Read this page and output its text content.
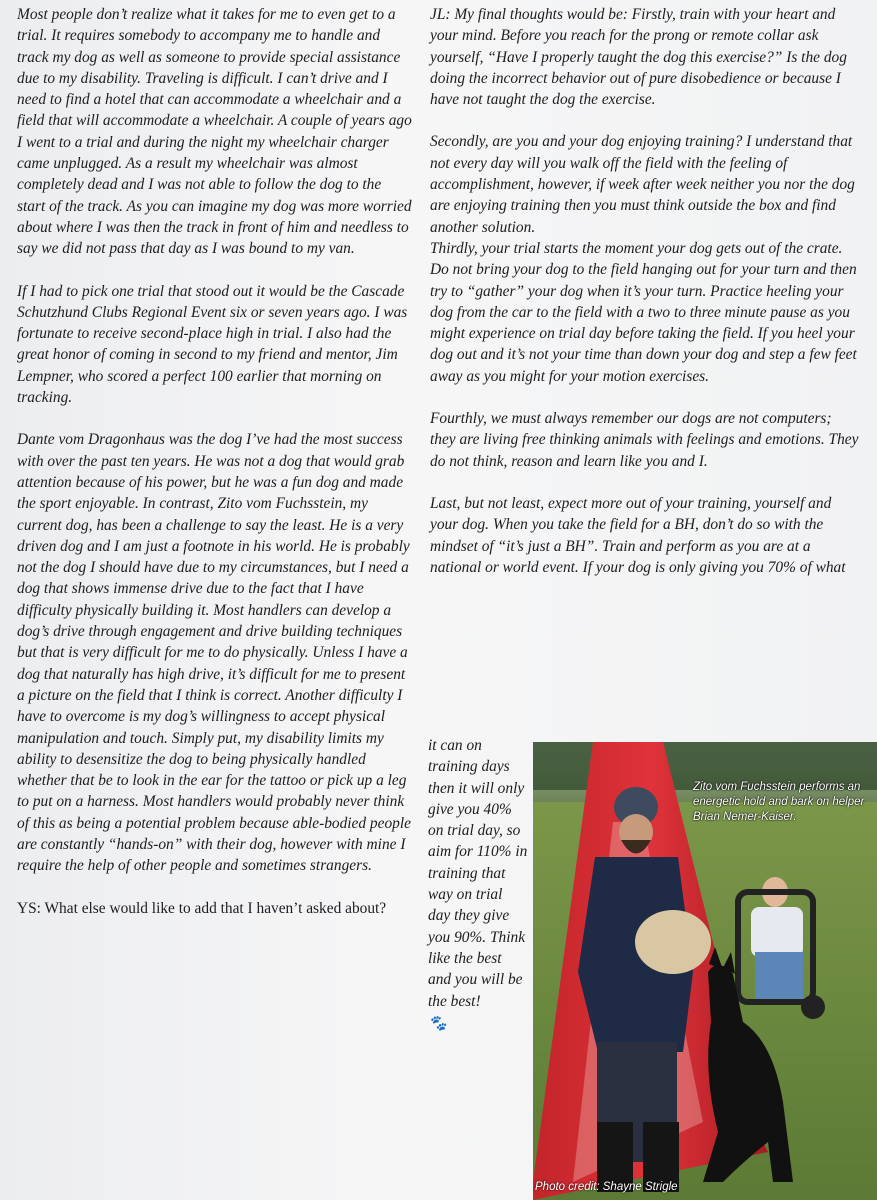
Most people don’t realize what it takes for me to even get to a trial. It requires somebody to accompany me to handle and track my dog as well as someone to provide special assistance due to my disability. Traveling is difficult. I can’t drive and I need to find a hotel that can accommodate a wheelchair and a field that will accommodate a wheelchair. A couple of years ago I went to a trial and during the night my wheelchair charger came unplugged. As a result my wheelchair was almost completely dead and I was not able to follow the dog to the start of the track. As you can imagine my dog was more worried about where I was then the track in front of him and needless to say we did not pass that day as I was bound to my van.

If I had to pick one trial that stood out it would be the Cascade Schutzhund Clubs Regional Event six or seven years ago. I was fortunate to receive second-place high in trial. I also had the great honor of coming in second to my friend and mentor, Jim Lempner, who scored a perfect 100 earlier that morning on tracking.

Dante vom Dragonhaus was the dog I’ve had the most success with over the past ten years. He was not a dog that would grab attention because of his power, but he was a fun dog and made the sport enjoyable. In contrast, Zito vom Fuchsstein, my current dog, has been a challenge to say the least. He is a very driven dog and I am just a footnote in his world. He is probably not the dog I should have due to my circumstances, but I need a dog that shows immense drive due to the fact that I have difficulty physically building it. Most handlers can develop a dog’s drive through engagement and drive building techniques but that is very difficult for me to do physically. Unless I have a dog that naturally has high drive, it’s difficult for me to present a picture on the field that I think is correct. Another difficulty I have to overcome is my dog’s willingness to accept physical manipulation and touch. Simply put, my disability limits my ability to desensitize the dog to being physically handled whether that be to look in the ear for the tattoo or pick up a leg to put on a harness. Most handlers would probably never think of this as being a potential problem because able-bodied people are constantly “hands-on” with their dog, however with mine I require the help of other people and sometimes strangers.

YS: What else would like to add that I haven’t asked about?

JL: My final thoughts would be: Firstly, train with your heart and your mind. Before you reach for the prong or remote collar ask yourself, “Have I properly taught the dog this exercise?” Is the dog doing the incorrect behavior out of pure disobedience or because I have not taught the dog the exercise.

Secondly, are you and your dog enjoying training? I understand that not every day will you walk off the field with the feeling of accomplishment, however, if week after week neither you nor the dog are enjoying training then you must think outside the box and find another solution.

Thirdly, your trial starts the moment your dog gets out of the crate. Do not bring your dog to the field hanging out for your turn and then try to “gather” your dog when it’s your turn. Practice heeling your dog from the car to the field with a two to three minute pause as you might experience on trial day before taking the field. If you heel your dog out and it’s not your time than down your dog and step a few feet away as you might for your motion exercises.

Fourthly, we must always remember our dogs are not computers; they are living free thinking animals with feelings and emotions. They do not think, reason and learn like you and I.

Last, but not least, expect more out of your training, yourself and your dog. When you take the field for a BH, don’t do so with the mindset of “it’s just a BH”. Train and perform as you are at a national or world event. If your dog is only giving you 70% of what

it can on training days then it will only give you 40% on trial day, so aim for 110% in training that way on trial day they give you 90%. Think like the best and you will be the best!
🐾
Zito vom Fuchsstein performs an energetic hold and bark on helper Brian Nemer-Kaiser.
Photo credit: Shayne Strigle
